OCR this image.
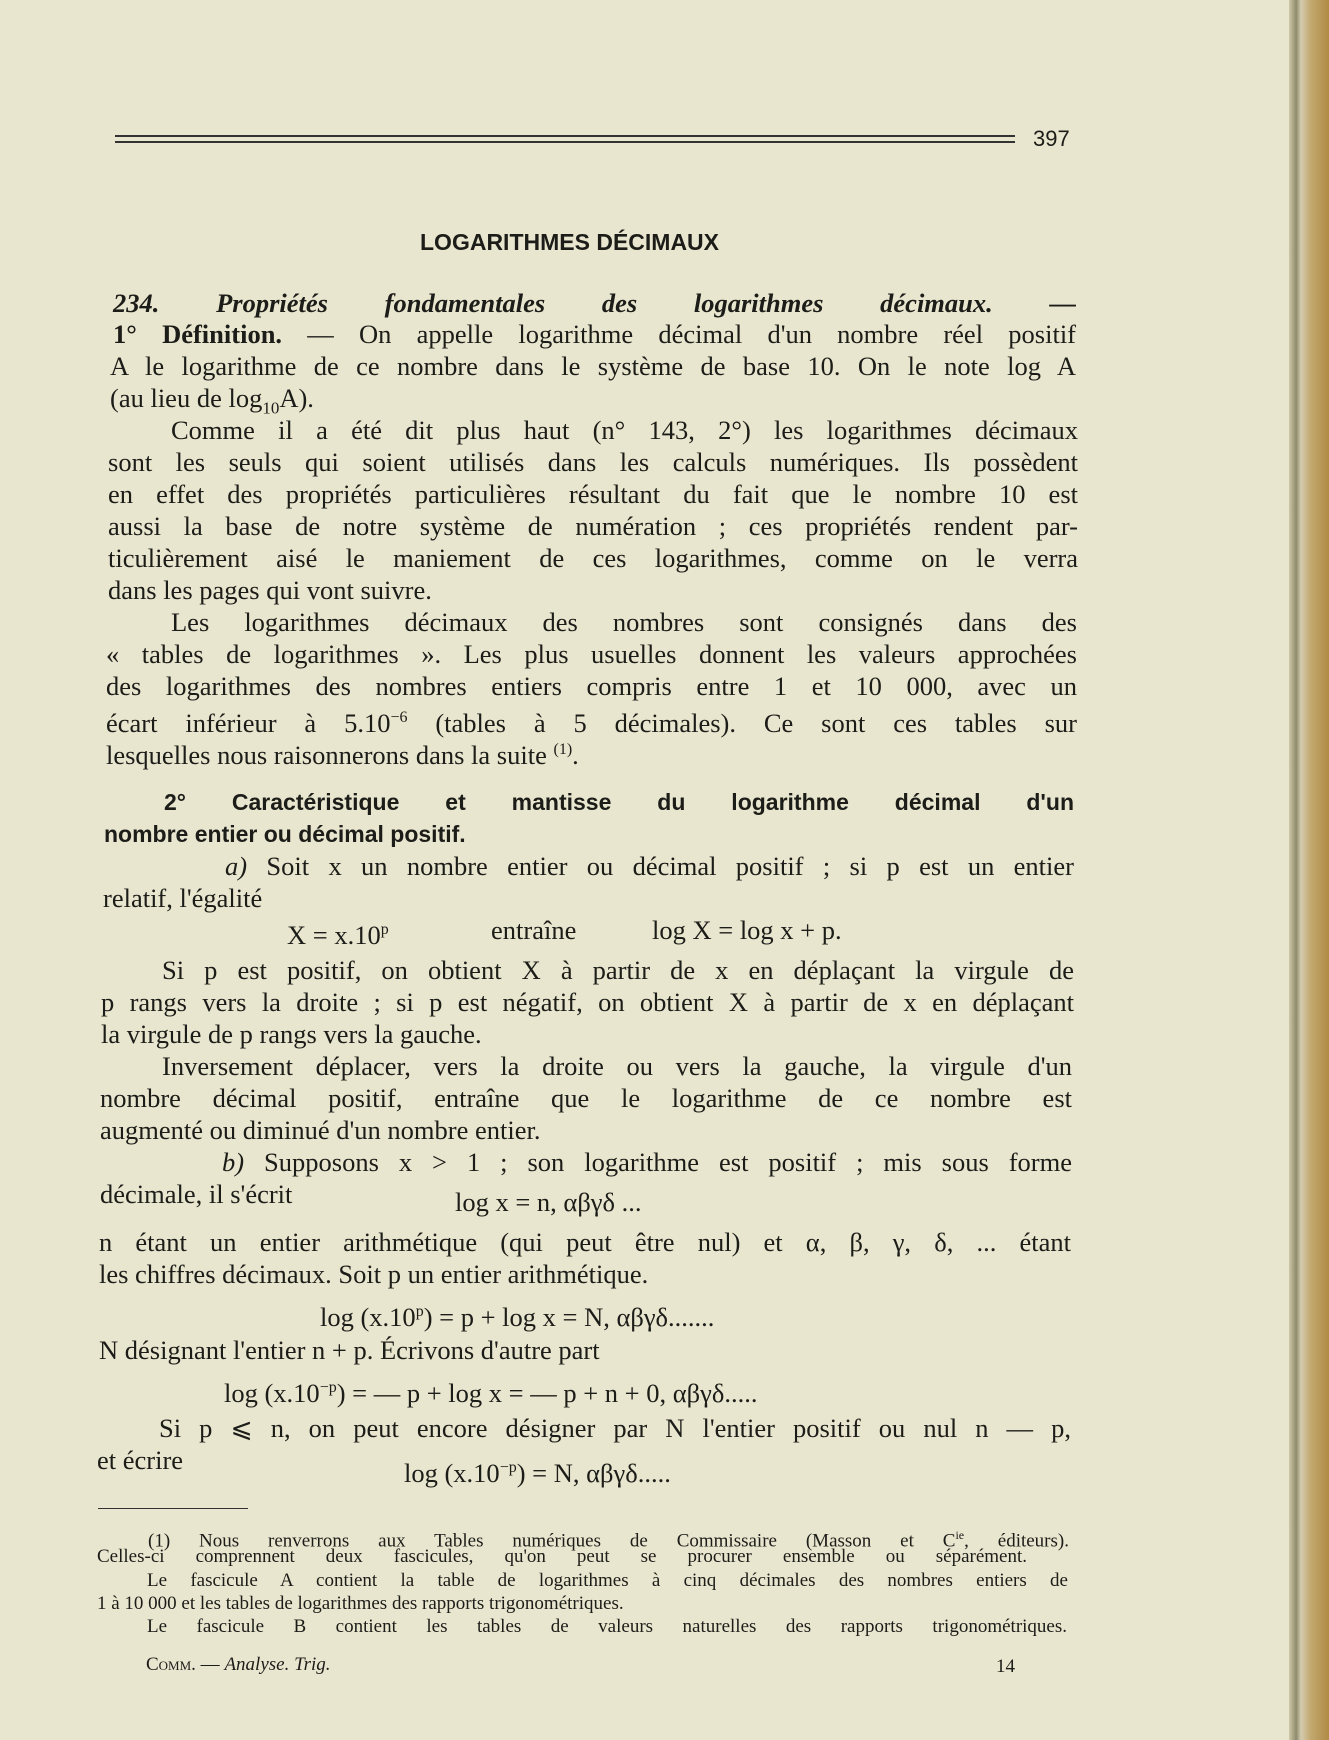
397
LOGARITHMES DÉCIMAUX
234. Propriétés fondamentales des logarithmes décimaux. —
1° Définition. — On appelle logarithme décimal d'un nombre réel positif
A le logarithme de ce nombre dans le système de base 10. On le note log A
(au lieu de $\log_{10}A$).
Comme il a été dit plus haut (n° 143, 2°) les logarithmes décimaux
sont les seuls qui soient utilisés dans les calculs numériques. Ils possèdent
en effet des propriétés particulières résultant du fait que le nombre 10 est
aussi la base de notre système de numération ; ces propriétés rendent par-
ticulièrement aisé le maniement de ces logarithmes, comme on le verra
dans les pages qui vont suivre.
Les logarithmes décimaux des nombres sont consignés dans des
« tables de logarithmes ». Les plus usuelles donnent les valeurs approchées
des logarithmes des nombres entiers compris entre 1 et 10 000, avec un
écart inférieur à $5.10^{-6}$ (tables à 5 décimales). Ce sont ces tables sur
lesquelles nous raisonnerons dans la suite $^{(1)}$.
2° Caractéristique et mantisse du logarithme décimal d'un
nombre entier ou décimal positif.
a) Soit x un nombre entier ou décimal positif ; si p est un entier
relatif, l'égalité
$X = x.10^p$	entraîne	log X = log x + p.
Si p est positif, on obtient X à partir de x en déplaçant la virgule de
p rangs vers la droite ; si p est négatif, on obtient X à partir de x en déplaçant
la virgule de p rangs vers la gauche.
Inversement déplacer, vers la droite ou vers la gauche, la virgule d'un
nombre décimal positif, entraîne que le logarithme de ce nombre est
augmenté ou diminué d'un nombre entier.
b) Supposons x > 1 ; son logarithme est positif ; mis sous forme
décimale, il s'écrit	log x = n, αβγδ ...
n étant un entier arithmétique (qui peut être nul) et α, β, γ, δ, ... étant
les chiffres décimaux. Soit p un entier arithmétique.
$\log (x.10^p) = p + \log x = N$, αβγδ.......
N désignant l'entier n + p. Écrivons d'autre part
$\log (x.10^{-p})$ = — p + log x = — p + n + 0, αβγδ.....
Si p ⩽ n, on peut encore désigner par N l'entier positif ou nul n — p,
et écrire	$\log (x.10^{-p}) = N$, αβγδ.....
(1) Nous renverrons aux Tables numériques de Commissaire (Masson et $C^{ie}$, éditeurs).
Celles-ci comprennent deux fascicules, qu'on peut se procurer ensemble ou séparément.
Le fascicule A contient la table de logarithmes à cinq décimales des nombres entiers de
1 à 10 000 et les tables de logarithmes des rapports trigonométriques.
Le fascicule B contient les tables de valeurs naturelles des rapports trigonométriques.
Comm. — Analyse. Trig.	14
